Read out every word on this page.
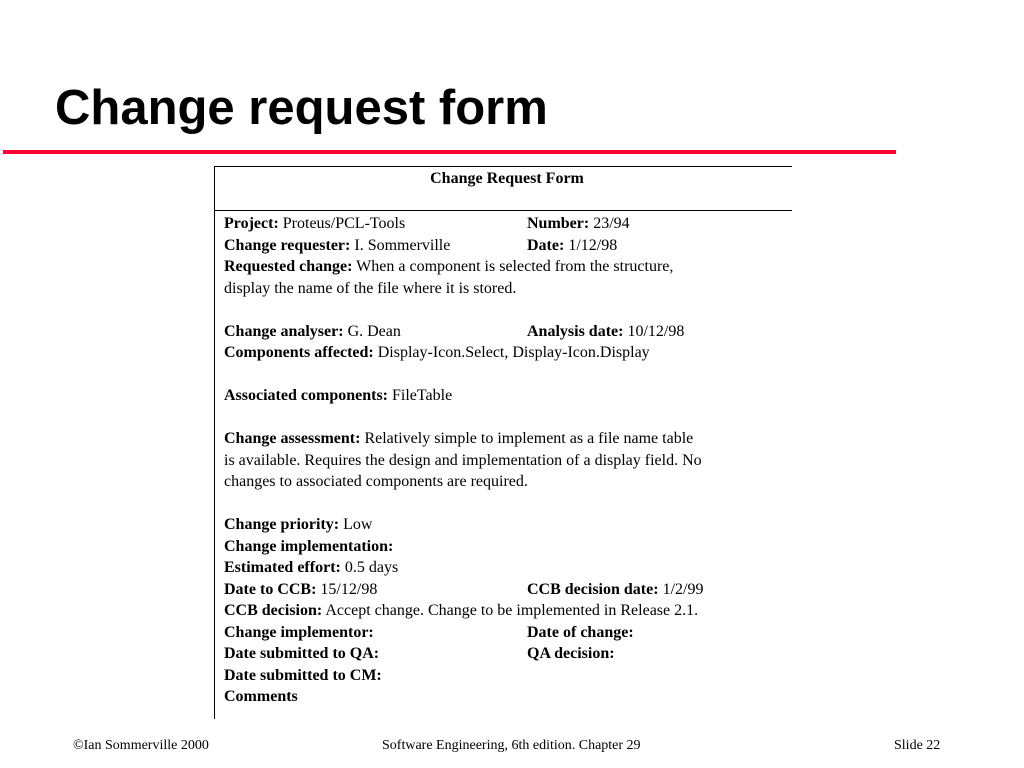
Change request form
Change Request Form
Project: Proteus/PCL-Tools	Number: 23/94
Change requester: I. Sommerville	Date: 1/12/98
Requested change: When a component is selected from the structure,
display the name of the file where it is stored.
Change analyser: G. Dean	Analysis date: 10/12/98
Components affected: Display-Icon.Select, Display-Icon.Display
Associated components: FileTable
Change assessment: Relatively simple to implement as a file name table
is available. Requires the design and implementation of a display field. No
changes to associated components are required.
Change priority: Low
Change implementation:
Estimated effort: 0.5 days
Date to CCB: 15/12/98	CCB decision date: 1/2/99
CCB decision: Accept change. Change to be implemented in Release 2.1.
Change implementor:	Date of change:
Date submitted to QA:	QA decision:
Date submitted to CM:
Comments
©Ian Sommerville 2000	Software Engineering, 6th edition. Chapter 29	Slide 22
